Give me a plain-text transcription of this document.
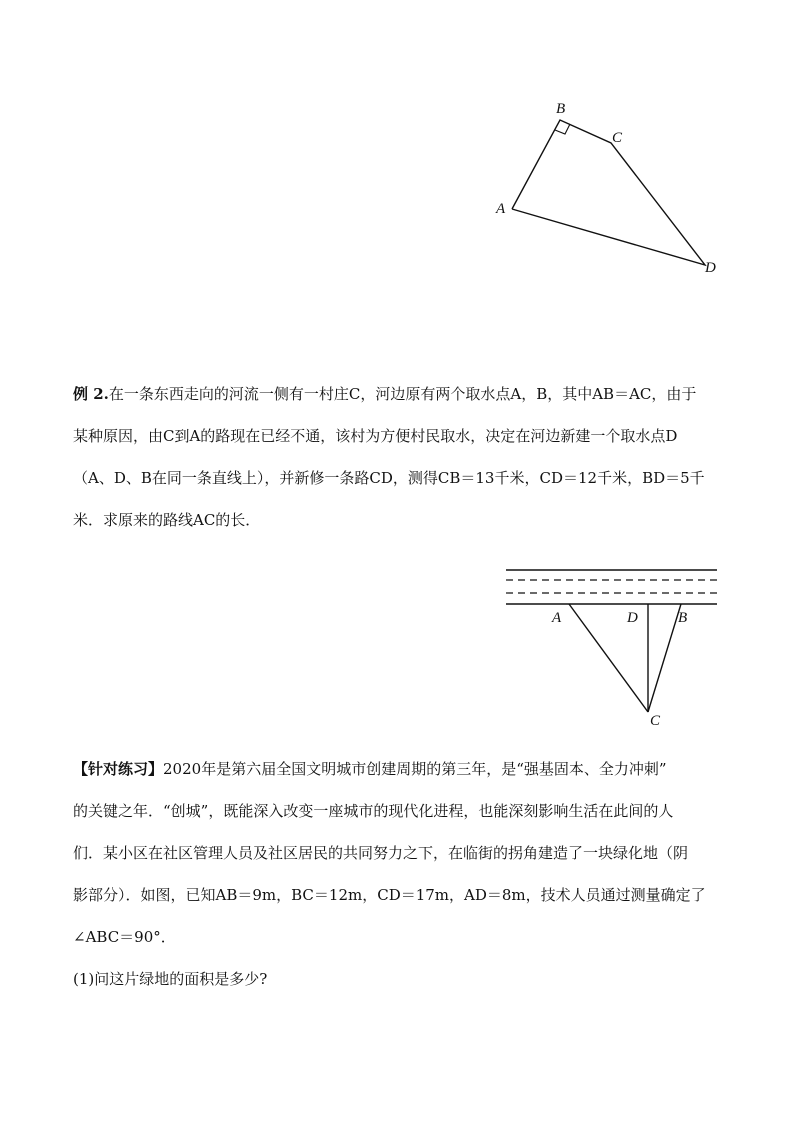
B
C
A
D
例 2.在一条东西走向的河流一侧有一村庄C，河边原有两个取水点A，B，其中AB＝AC，由于
某种原因，由C到A的路现在已经不通，该村为方便村民取水，决定在河边新建一个取水点D
（A、D、B在同一条直线上），并新修一条路CD，测得CB＝13千米，CD＝12千米，BD＝5千
米．求原来的路线AC的长．
A	D	B
C
【针对练习】2020年是第六届全国文明城市创建周期的第三年，是“强基固本、全力冲刺”
的关键之年．“创城”，既能深入改变一座城市的现代化进程，也能深刻影响生活在此间的人
们．某小区在社区管理人员及社区居民的共同努力之下，在临街的拐角建造了一块绿化地（阴
影部分）．如图，已知AB＝9m，BC＝12m，CD＝17m，AD＝8m，技术人员通过测量确定了
∠ABC＝90°．
(1)问这片绿地的面积是多少?
